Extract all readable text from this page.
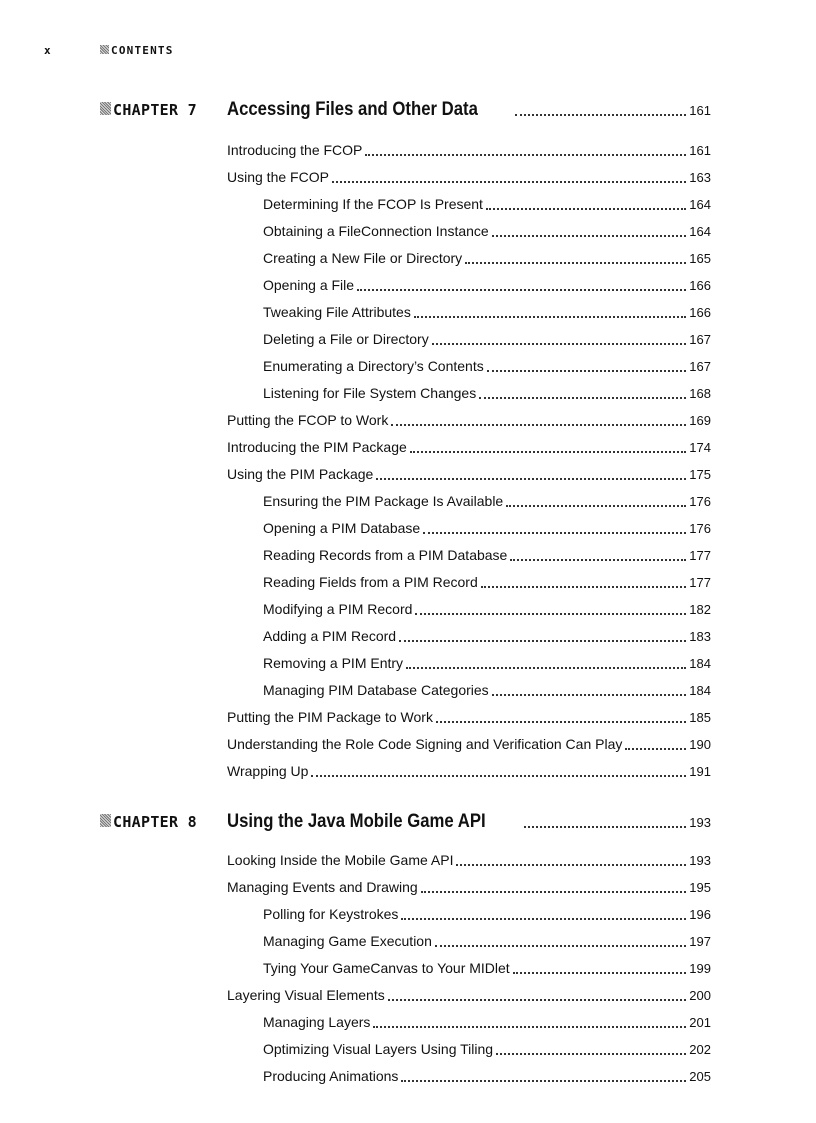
x	CONTENTS
CHAPTER 7 Accessing Files and Other Data	161
Introducing the FCOP	161
Using the FCOP	163
Determining If the FCOP Is Present	164
Obtaining a FileConnection Instance	164
Creating a New File or Directory	165
Opening a File	166
Tweaking File Attributes	166
Deleting a File or Directory	167
Enumerating a Directory’s Contents	167
Listening for File System Changes	168
Putting the FCOP to Work	169
Introducing the PIM Package	174
Using the PIM Package	175
Ensuring the PIM Package Is Available	176
Opening a PIM Database	176
Reading Records from a PIM Database	177
Reading Fields from a PIM Record	177
Modifying a PIM Record	182
Adding a PIM Record	183
Removing a PIM Entry	184
Managing PIM Database Categories	184
Putting the PIM Package to Work	185
Understanding the Role Code Signing and Verification Can Play	190
Wrapping Up	191
CHAPTER 8 Using the Java Mobile Game API	193
Looking Inside the Mobile Game API	193
Managing Events and Drawing	195
Polling for Keystrokes	196
Managing Game Execution	197
Tying Your GameCanvas to Your MIDlet	199
Layering Visual Elements	200
Managing Layers	201
Optimizing Visual Layers Using Tiling	202
Producing Animations	205
